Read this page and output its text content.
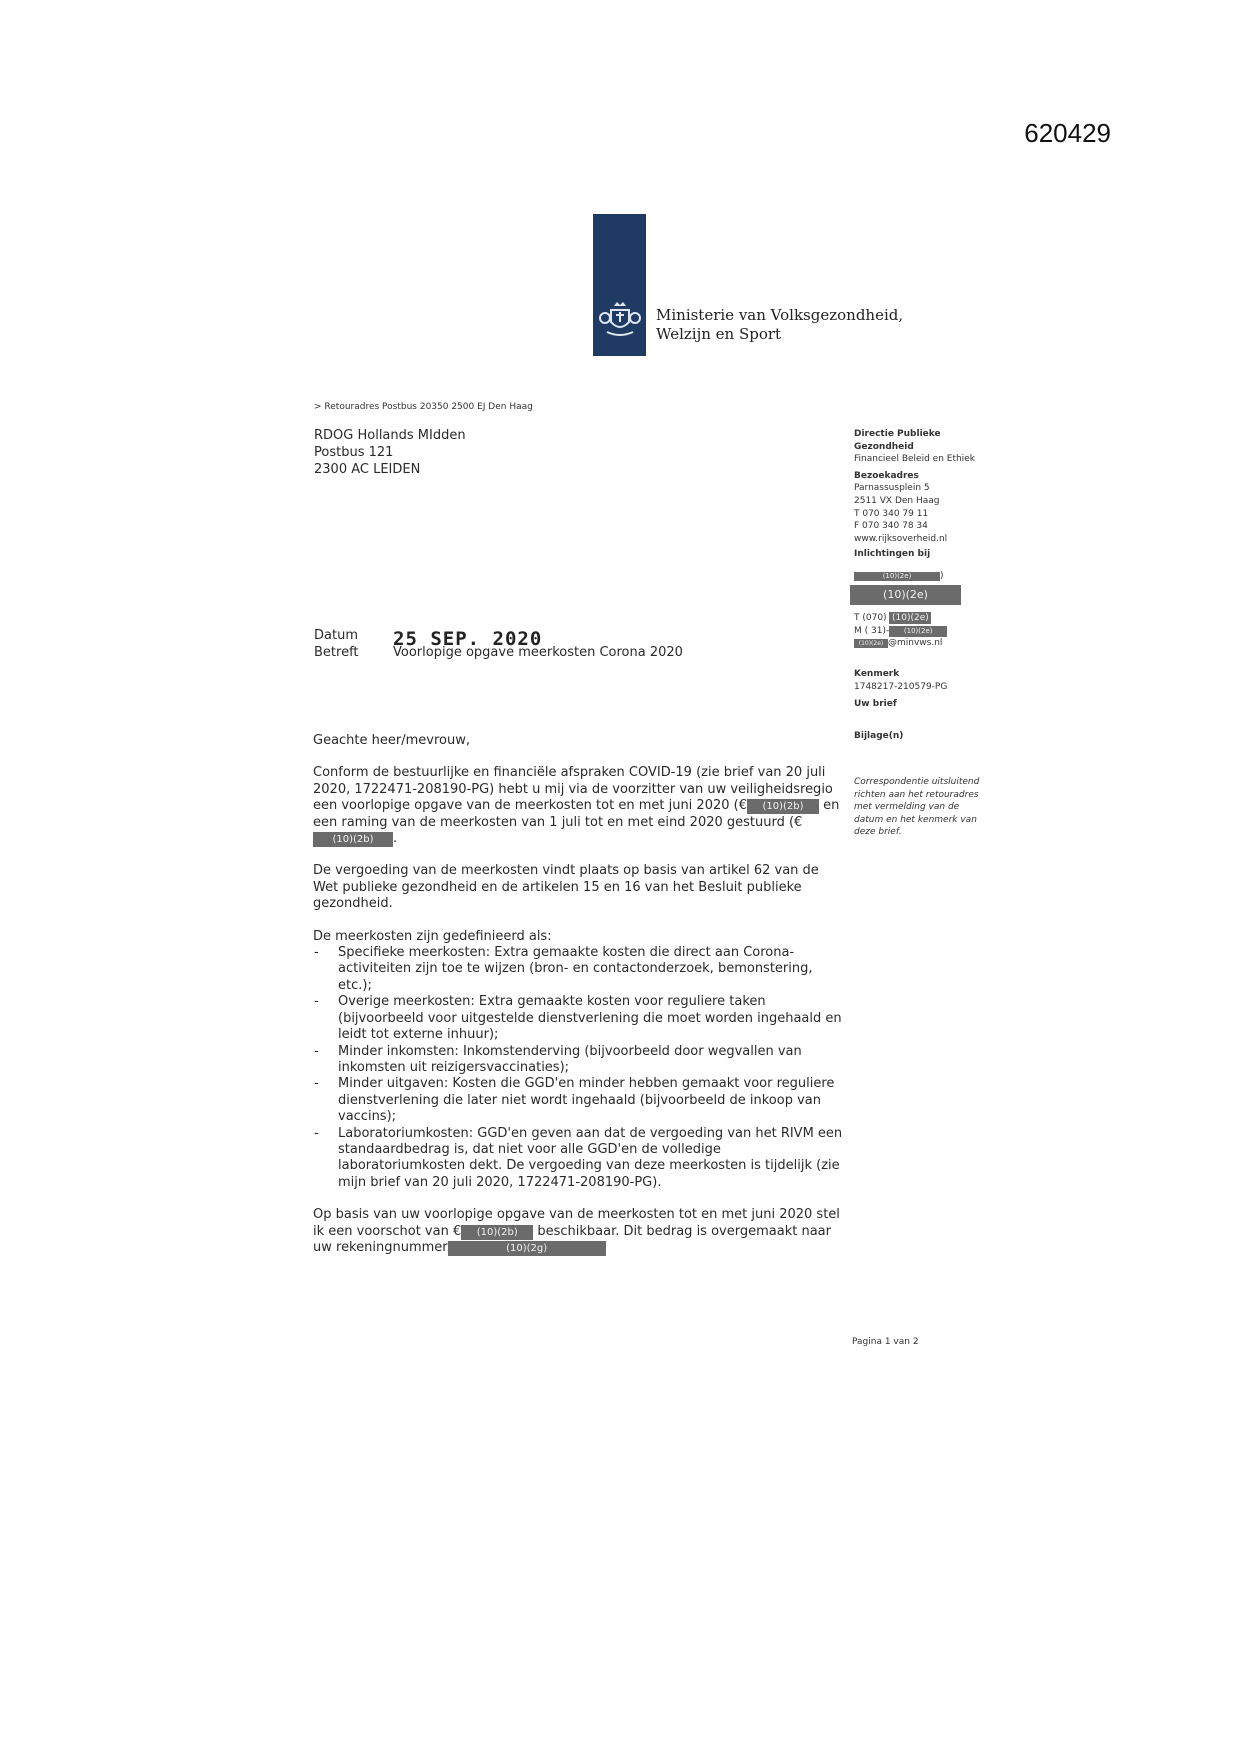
620429
Ministerie van Volksgezondheid,
Welzijn en Sport
> Retouradres Postbus 20350 2500 EJ Den Haag
RDOG Hollands MIdden
Postbus 121
2300 AC LEIDEN
Directie Publieke
Gezondheid
Financieel Beleid en Ethiek
Bezoekadres
Parnassusplein 5
2511 VX Den Haag
T 070 340 79 11
F 070 340 78 34
www.rijksoverheid.nl
Inlichtingen bij
(10)(2e)	)
(10)(2e)
T (070) (10)(2e)
M ( 31)- (10)(2e)
(10)(2e) @minvws.nl
Kenmerk
1748217-210579-PG
Uw brief
Bijlage(n)
Correspondentie uitsluitend richten aan het retouradres met vermelding van de datum en het kenmerk van deze brief.
Datum 25 SEP. 2020
Betreft	Voorlopige opgave meerkosten Corona 2020

Geachte heer/mevrouw,

Conform de bestuurlijke en financiële afspraken COVID-19 (zie brief van 20 juli 2020, 1722471-208190-PG) hebt u mij via de voorzitter van uw veiligheidsregio een voorlopige opgave van de meerkosten tot en met juni 2020 (€ (10)(2b) en een raming van de meerkosten van 1 juli tot en met eind 2020 gestuurd (€ (10)(2b) .

De vergoeding van de meerkosten vindt plaats op basis van artikel 62 van de Wet publieke gezondheid en de artikelen 15 en 16 van het Besluit publieke gezondheid.

De meerkosten zijn gedefinieerd als:
- Specifieke meerkosten: Extra gemaakte kosten die direct aan Corona-activiteiten zijn toe te wijzen (bron- en contactonderzoek, bemonstering, etc.);
- Overige meerkosten: Extra gemaakte kosten voor reguliere taken (bijvoorbeeld voor uitgestelde dienstverlening die moet worden ingehaald en leidt tot externe inhuur);
- Minder inkomsten: Inkomstenderving (bijvoorbeeld door wegvallen van inkomsten uit reizigersvaccinaties);
- Minder uitgaven: Kosten die GGD'en minder hebben gemaakt voor reguliere dienstverlening die later niet wordt ingehaald (bijvoorbeeld de inkoop van vaccins);
- Laboratoriumkosten: GGD'en geven aan dat de vergoeding van het RIVM een standaardbedrag is, dat niet voor alle GGD'en de volledige laboratoriumkosten dekt. De vergoeding van deze meerkosten is tijdelijk (zie mijn brief van 20 juli 2020, 1722471-208190-PG).

Op basis van uw voorlopige opgave van de meerkosten tot en met juni 2020 stel ik een voorschot van € (10)(2b) beschikbaar. Dit bedrag is overgemaakt naar uw rekeningnummer	(10)(2g)

Pagina 1 van 2
